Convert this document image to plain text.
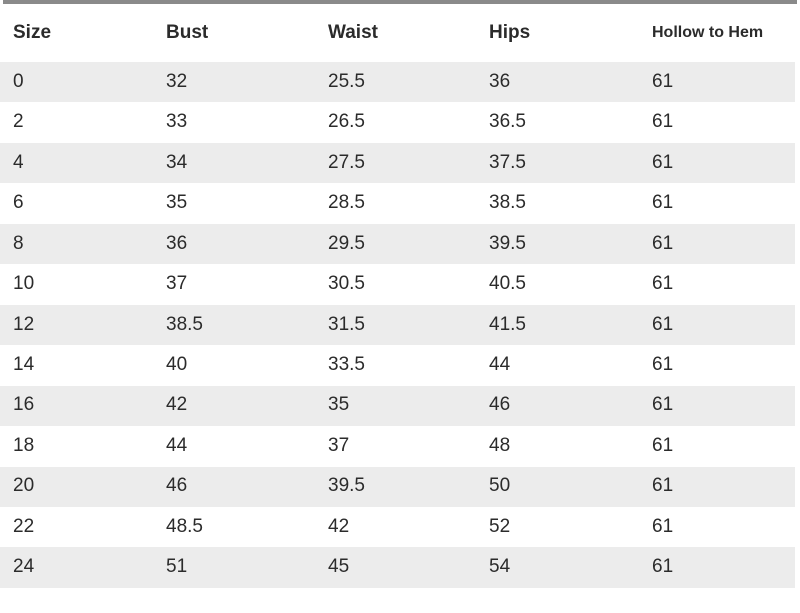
Size	Bust	Waist	Hips	Hollow to Hem
0	32	25.5	36	61
2	33	26.5	36.5	61
4	34	27.5	37.5	61
6	35	28.5	38.5	61
8	36	29.5	39.5	61
10	37	30.5	40.5	61
12	38.5	31.5	41.5	61
14	40	33.5	44	61
16	42	35	46	61
18	44	37	48	61
20	46	39.5	50	61
22	48.5	42	52	61
24	51	45	54	61
